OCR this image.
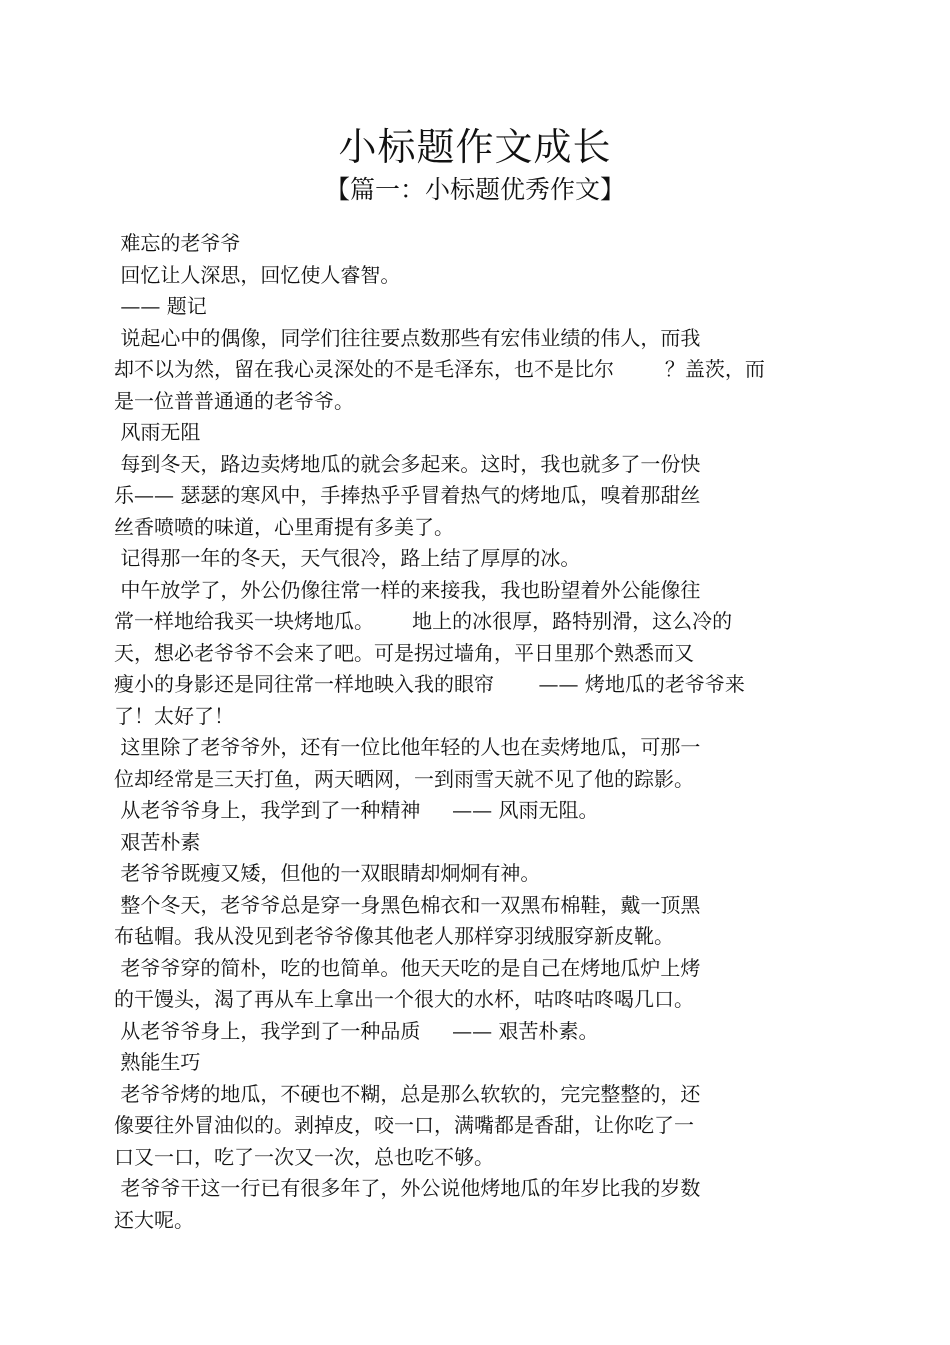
小标题作文成长
【篇一：小标题优秀作文】
难忘的老爷爷
回忆让人深思，回忆使人睿智。
—— 题记
说起心中的偶像，同学们往往要点数那些有宏伟业绩的伟人，而我
却不以为然，留在我心灵深处的不是毛泽东，也不是比尔        ？盖茨，而
是一位普普通通的老爷爷。
风雨无阻
每到冬天，路边卖烤地瓜的就会多起来。这时，我也就多了一份快
乐—— 瑟瑟的寒风中，手捧热乎乎冒着热气的烤地瓜，嗅着那甜丝
丝香喷喷的味道，心里甭提有多美了。
记得那一年的冬天，天气很冷，路上结了厚厚的冰。
中午放学了，外公仍像往常一样的来接我，我也盼望着外公能像往
常一样地给我买一块烤地瓜。      地上的冰很厚，路特别滑，这么冷的
天，想必老爷爷不会来了吧。可是拐过墙角，平日里那个熟悉而又
瘦小的身影还是同往常一样地映入我的眼帘       —— 烤地瓜的老爷爷来
了！太好了！
这里除了老爷爷外，还有一位比他年轻的人也在卖烤地瓜，可那一
位却经常是三天打鱼，两天晒网，一到雨雪天就不见了他的踪影。
从老爷爷身上，我学到了一种精神     —— 风雨无阻。
艰苦朴素
老爷爷既瘦又矮，但他的一双眼睛却炯炯有神。
整个冬天，老爷爷总是穿一身黑色棉衣和一双黑布棉鞋，戴一顶黑
布毡帽。我从没见到老爷爷像其他老人那样穿羽绒服穿新皮靴。
老爷爷穿的简朴，吃的也简单。他天天吃的是自己在烤地瓜炉上烤
的干馒头，渴了再从车上拿出一个很大的水杯，咕咚咕咚喝几口。
从老爷爷身上，我学到了一种品质     —— 艰苦朴素。
熟能生巧
老爷爷烤的地瓜，不硬也不糊，总是那么软软的，完完整整的，还
像要往外冒油似的。剥掉皮，咬一口，满嘴都是香甜，让你吃了一
口又一口，吃了一次又一次，总也吃不够。
老爷爷干这一行已有很多年了，外公说他烤地瓜的年岁比我的岁数
还大呢。
